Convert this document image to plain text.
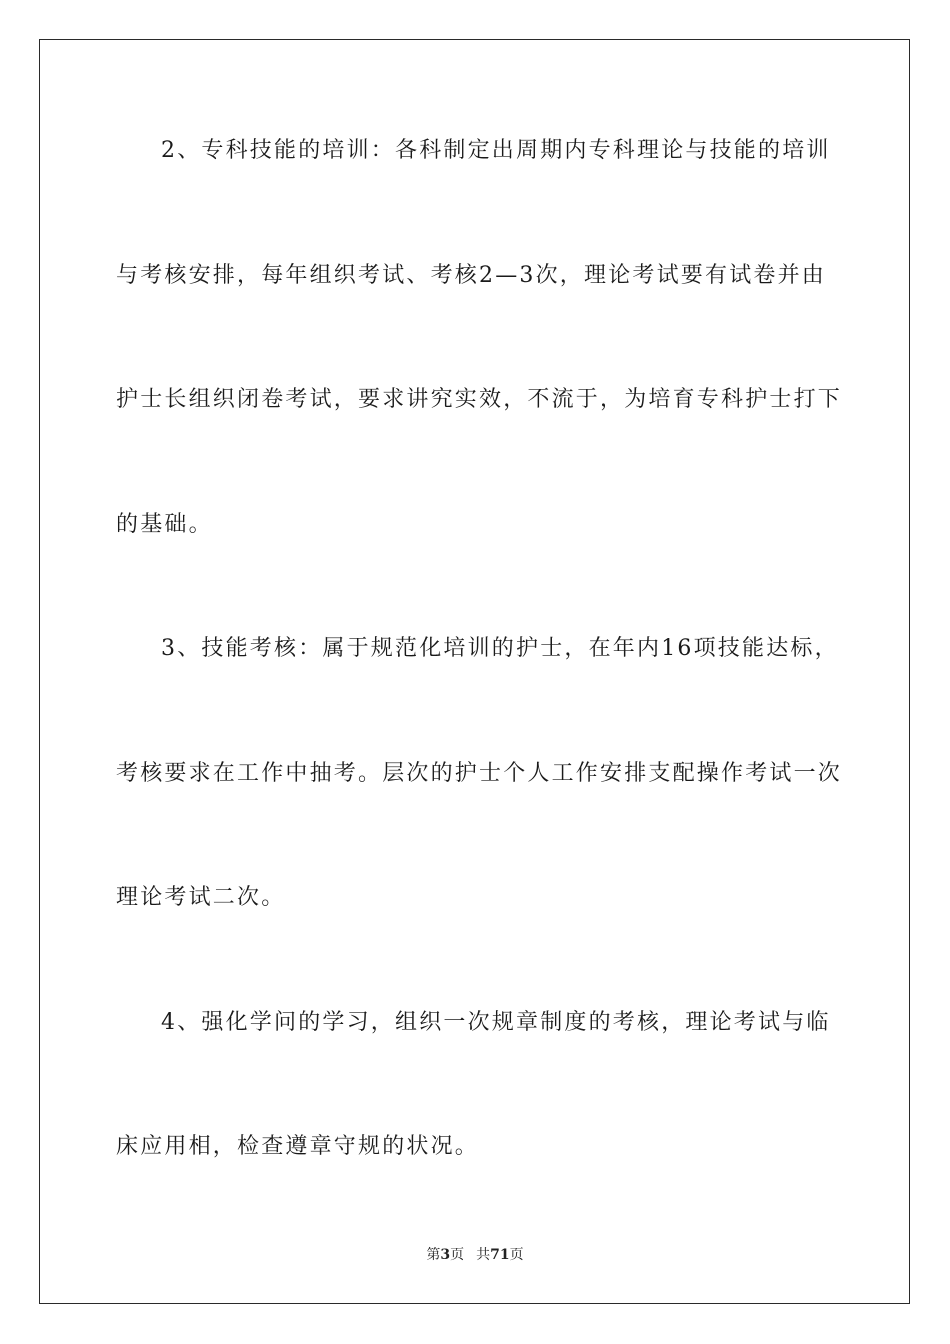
2、专科技能的培训：各科制定出周期内专科理论与技能的培训
与考核安排，每年组织考试、考核2—3次，理论考试要有试卷并由
护士长组织闭卷考试，要求讲究实效，不流于，为培育专科护士打下
的基础。
3、技能考核：属于规范化培训的护士，在年内16项技能达标，
考核要求在工作中抽考。层次的护士个人工作安排支配操作考试一次
理论考试二次。
4、强化学问的学习，组织一次规章制度的考核，理论考试与临
床应用相，检查遵章守规的状况。
第3页 共71页
